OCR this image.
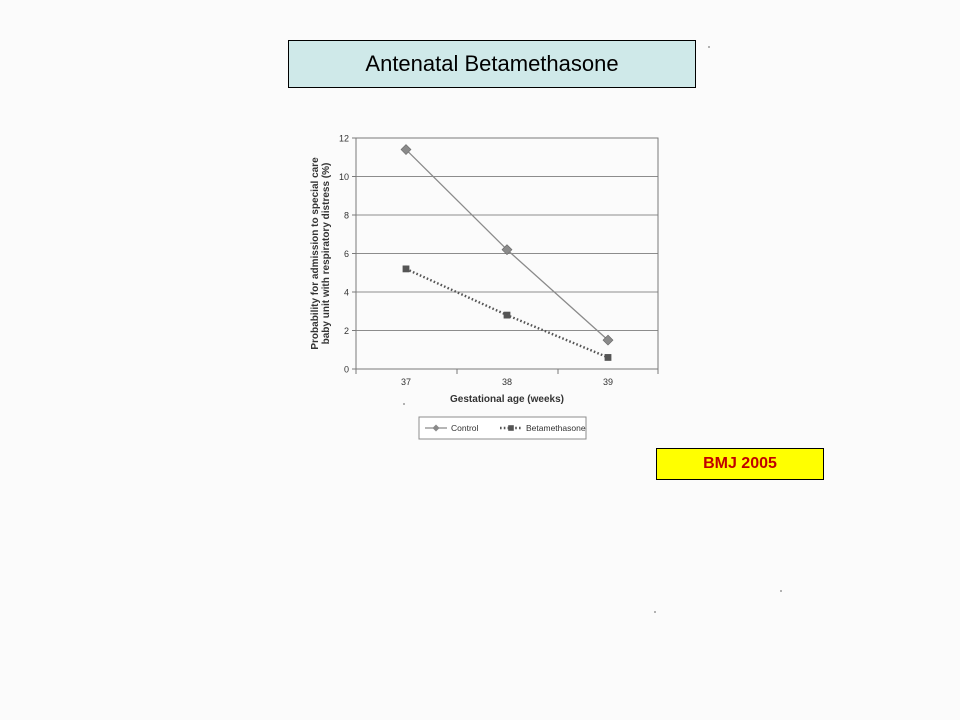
Antenatal Betamethasone
0
2
4
6
8
10
12
37	38	39
Probability for admission to special care baby unit with respiratory distress (%)
Gestational age (weeks)
Control	Betamethasone
BMJ 2005
